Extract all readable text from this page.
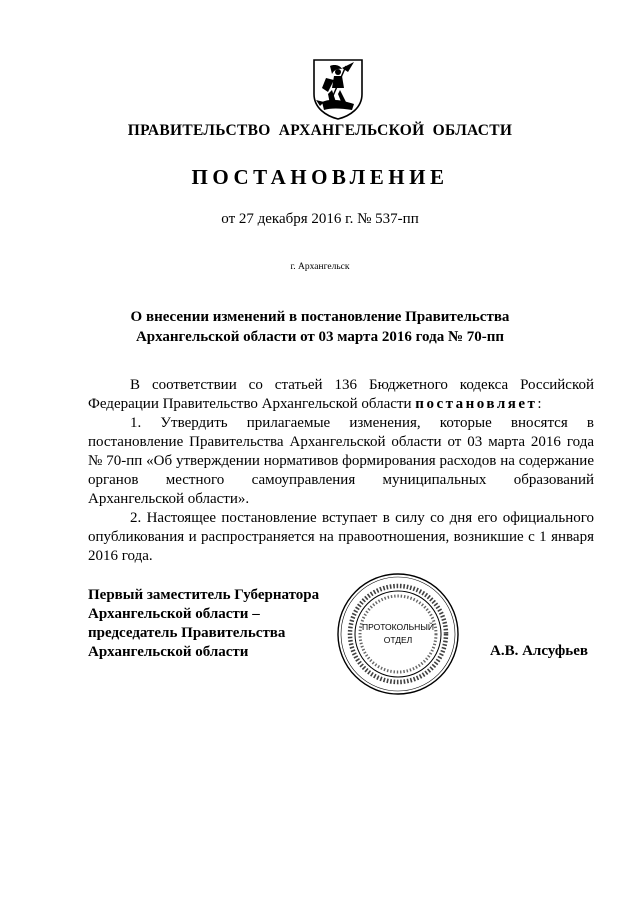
ПРАВИТЕЛЬСТВО АРХАНГЕЛЬСКОЙ ОБЛАСТИ
ПОСТАНОВЛЕНИЕ
от 27 декабря 2016 г. № 537-пп
г. Архангельск
О внесении изменений в постановление Правительства
Архангельской области от 03 марта 2016 года № 70-пп

В соответствии со статьей 136 Бюджетного кодекса Российской Федерации Правительство Архангельской области постановляет:

1. Утвердить прилагаемые изменения, которые вносятся в постановление Правительства Архангельской области от 03 марта 2016 года № 70-пп «Об утверждении нормативов формирования расходов на содержание органов местного самоуправления муниципальных образований Архангельской области».

2. Настоящее постановление вступает в силу со дня его официального опубликования и распространяется на правоотношения, возникшие с 1 января 2016 года.

Первый заместитель Губернатора
Архангельской области –
председатель Правительства
Архангельской области
ПРОТОКОЛЬНЫЙ
ОТДЕЛ
А.В. Алсуфьев
